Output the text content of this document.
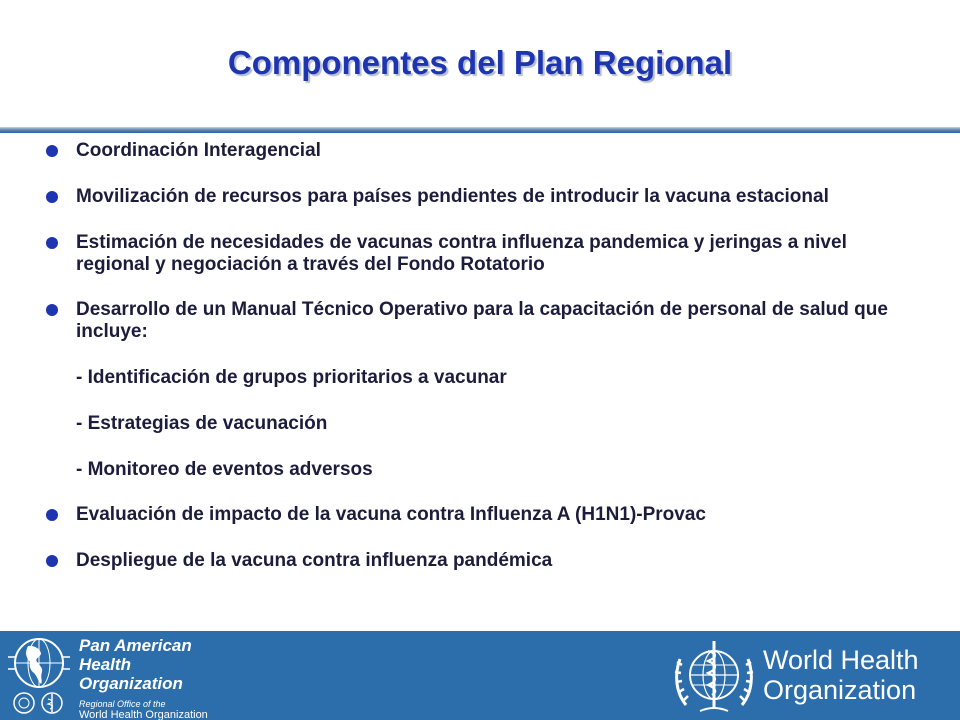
Componentes del Plan Regional
Coordinación Interagencial
Movilización de recursos para países pendientes de introducir la vacuna estacional
Estimación de necesidades de vacunas contra influenza pandemica y jeringas a nivel regional y negociación a través del Fondo Rotatorio
Desarrollo de un Manual Técnico Operativo para la capacitación de personal de salud que incluye:
- Identificación de grupos prioritarios a vacunar
- Estrategias de vacunación
- Monitoreo de eventos adversos
Evaluación de impacto de la vacuna contra Influenza A (H1N1)-Provac
Despliegue de la vacuna contra influenza pandémica
Pan American
Health
Organization
Regional Office of the
World Health Organization
World Health
Organization
